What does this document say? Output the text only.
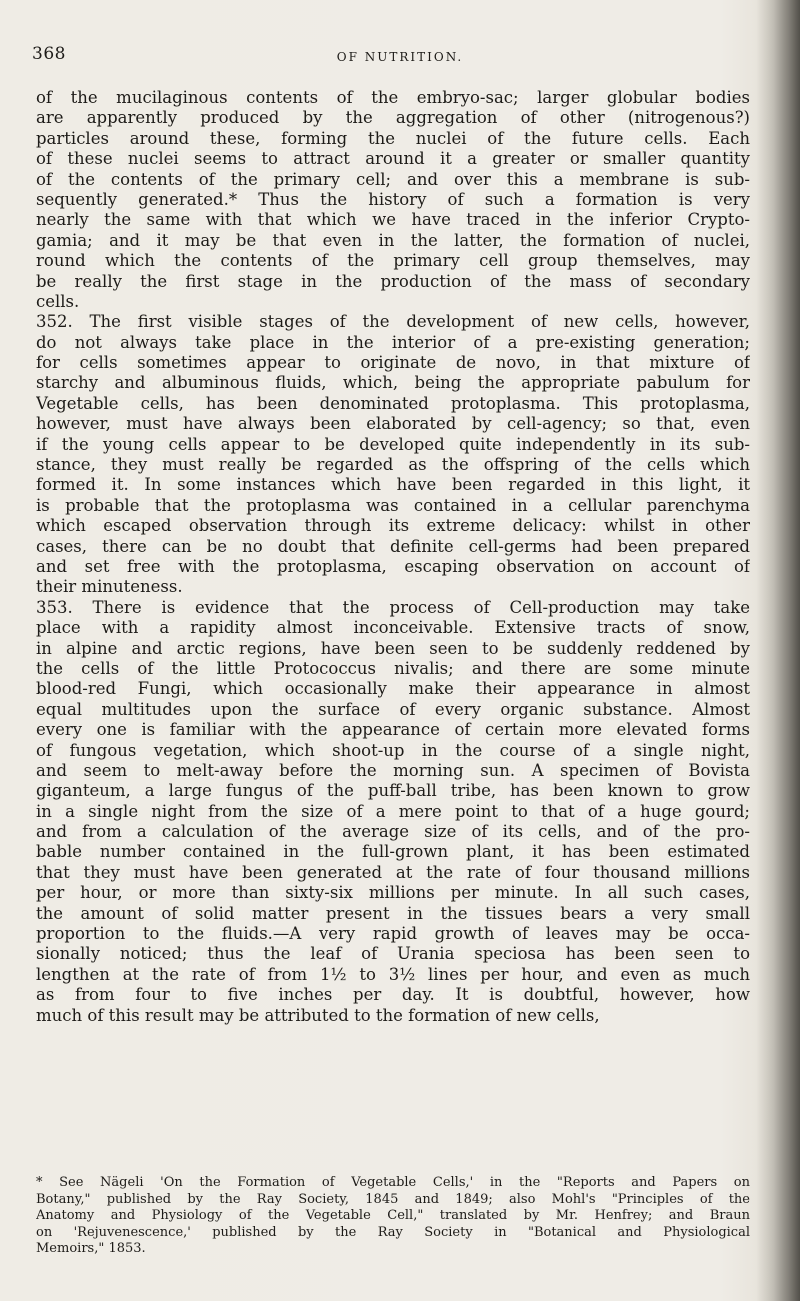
368	OF NUTRITION.
of the mucilaginous contents of the embryo-sac; larger globular bodies
are apparently produced by the aggregation of other (nitrogenous?)
particles around these, forming the nuclei of the future cells. Each
of these nuclei seems to attract around it a greater or smaller quantity
of the contents of the primary cell; and over this a membrane is sub-
sequently generated.* Thus the history of such a formation is very
nearly the same with that which we have traced in the inferior Crypto-
gamia; and it may be that even in the latter, the formation of nuclei,
round which the contents of the primary cell group themselves, may
be really the first stage in the production of the mass of secondary
cells.
352. The first visible stages of the development of new cells, however,
do not always take place in the interior of a pre-existing generation;
for cells sometimes appear to originate de novo, in that mixture of
starchy and albuminous fluids, which, being the appropriate pabulum for
Vegetable cells, has been denominated protoplasma. This protoplasma,
however, must have always been elaborated by cell-agency; so that, even
if the young cells appear to be developed quite independently in its sub-
stance, they must really be regarded as the offspring of the cells which
formed it. In some instances which have been regarded in this light, it
is probable that the protoplasma was contained in a cellular parenchyma
which escaped observation through its extreme delicacy: whilst in other
cases, there can be no doubt that definite cell-germs had been prepared
and set free with the protoplasma, escaping observation on account of
their minuteness.
353. There is evidence that the process of Cell-production may take
place with a rapidity almost inconceivable. Extensive tracts of snow,
in alpine and arctic regions, have been seen to be suddenly reddened by
the cells of the little Protococcus nivalis; and there are some minute
blood-red Fungi, which occasionally make their appearance in almost
equal multitudes upon the surface of every organic substance. Almost
every one is familiar with the appearance of certain more elevated forms
of fungous vegetation, which shoot-up in the course of a single night,
and seem to melt-away before the morning sun. A specimen of Bovista
giganteum, a large fungus of the puff-ball tribe, has been known to grow
in a single night from the size of a mere point to that of a huge gourd;
and from a calculation of the average size of its cells, and of the pro-
bable number contained in the full-grown plant, it has been estimated
that they must have been generated at the rate of four thousand millions
per hour, or more than sixty-six millions per minute. In all such cases,
the amount of solid matter present in the tissues bears a very small
proportion to the fluids.—A very rapid growth of leaves may be occa-
sionally noticed; thus the leaf of Urania speciosa has been seen to
lengthen at the rate of from 1½ to 3½ lines per hour, and even as much
as from four to five inches per day. It is doubtful, however, how
much of this result may be attributed to the formation of new cells,
* See Nägeli 'On the Formation of Vegetable Cells,' in the "Reports and Papers on
Botany," published by the Ray Society, 1845 and 1849; also Mohl's "Principles of the
Anatomy and Physiology of the Vegetable Cell," translated by Mr. Henfrey; and Braun
on 'Rejuvenescence,' published by the Ray Society in "Botanical and Physiological
Memoirs," 1853.
